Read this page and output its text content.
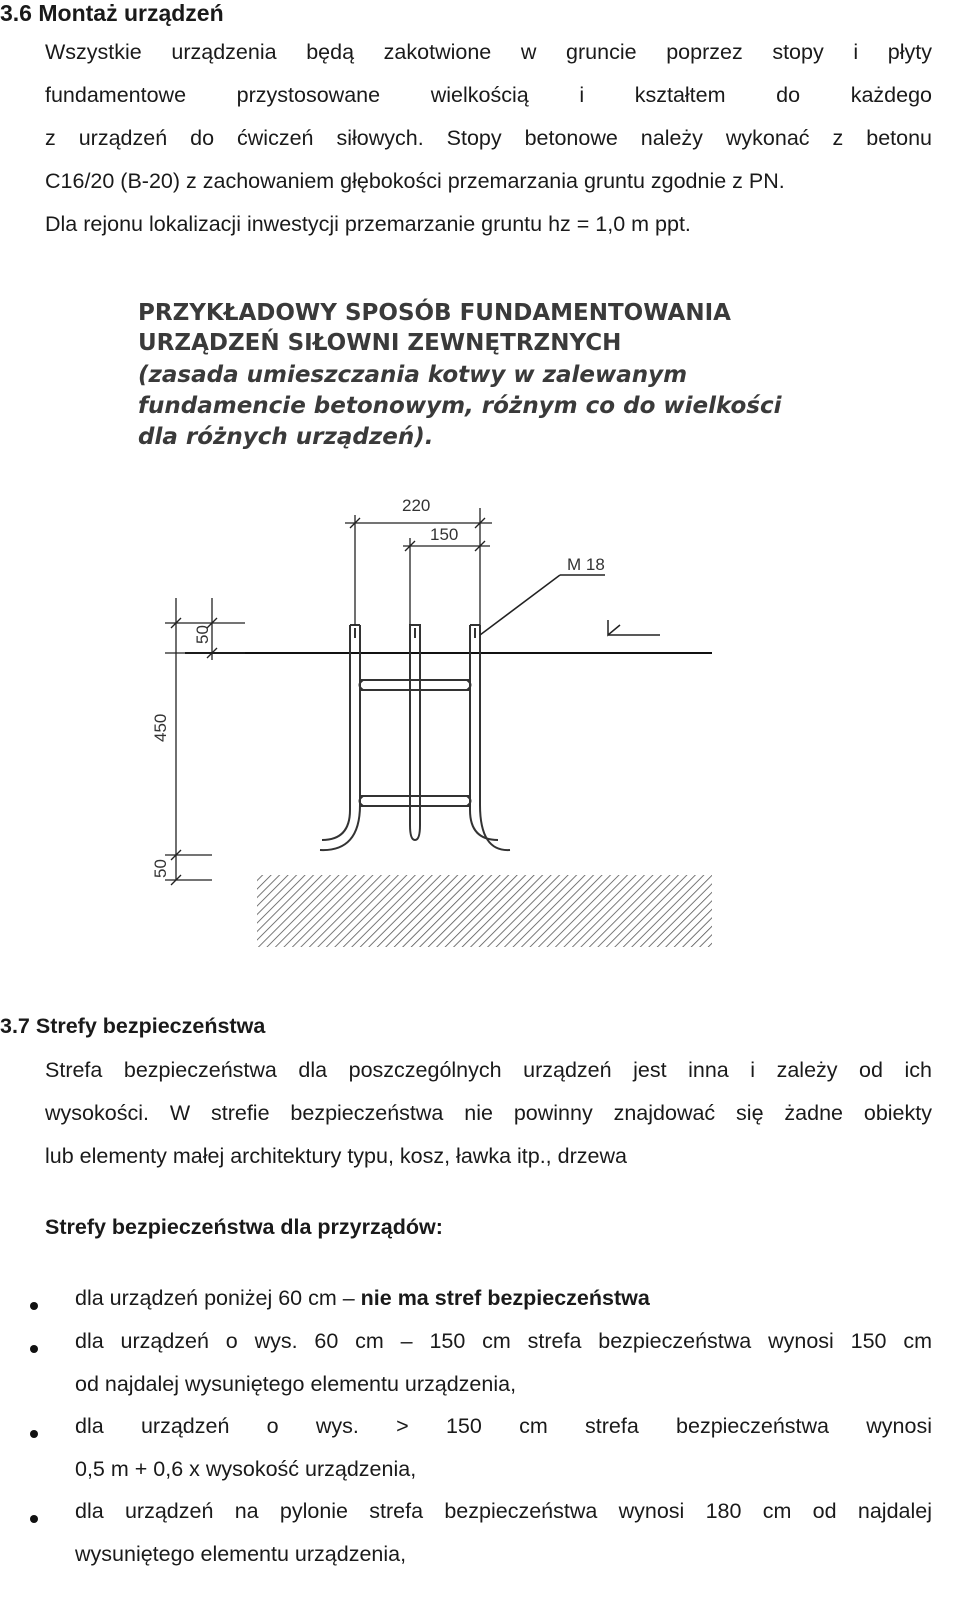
3.6 Montaż urządzeń
Wszystkie urządzenia będą zakotwione w gruncie poprzez stopy i płyty
fundamentowe przystosowane wielkością i kształtem do każdego
z urządzeń do ćwiczeń siłowych. Stopy betonowe należy wykonać z betonu
C16/20 (B-20) z zachowaniem głębokości przemarzania gruntu zgodnie z PN.
Dla rejonu lokalizacji inwestycji przemarzanie gruntu hz = 1,0 m ppt.
PRZYKŁADOWY SPOSÓB FUNDAMENTOWANIA
URZĄDZEŃ SIŁOWNI ZEWNĘTRZNYCH
(zasada umieszczania kotwy w zalewanym
fundamencie betonowym, różnym co do wielkości
dla różnych urządzeń).
M 18
220
150
50
450
50
3.7 Strefy bezpieczeństwa
Strefa bezpieczeństwa dla poszczególnych urządzeń jest inna i zależy od ich
wysokości. W strefie bezpieczeństwa nie powinny znajdować się żadne obiekty
lub elementy małej architektury typu, kosz, ławka itp., drzewa
Strefy bezpieczeństwa dla przyrządów:
dla urządzeń poniżej 60 cm – nie ma stref bezpieczeństwa
dla urządzeń o wys. 60 cm – 150 cm strefa bezpieczeństwa wynosi 150 cm
od najdalej wysuniętego elementu urządzenia,
dla urządzeń o wys. > 150 cm strefa bezpieczeństwa wynosi
0,5 m + 0,6 x wysokość urządzenia,
dla urządzeń na pylonie strefa bezpieczeństwa wynosi 180 cm od najdalej
wysuniętego elementu urządzenia,
